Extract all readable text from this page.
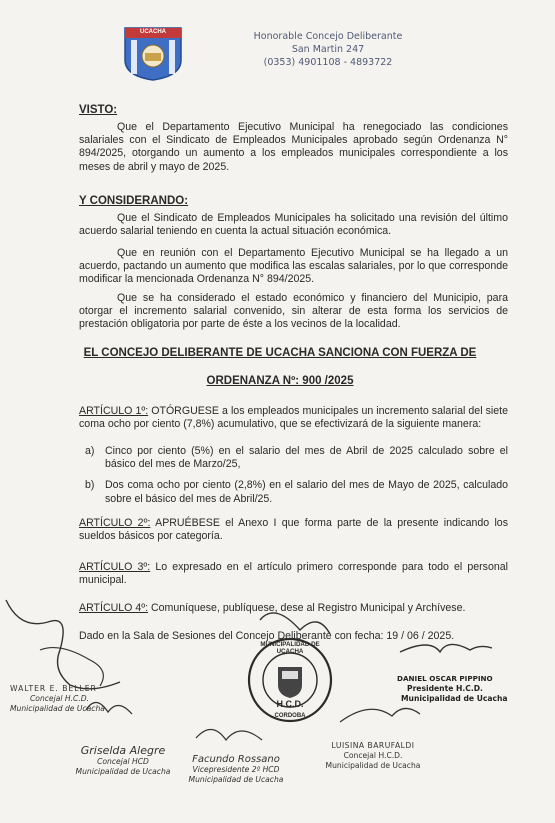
UCACHA	Honorable Concejo Deliberante
San Martin 247
(0353) 4901108 - 4893722
VISTO:
Que el Departamento Ejecutivo Municipal ha renegociado las condiciones salariales con el Sindicato de Empleados Municipales aprobado según Ordenanza N° 894/2025, otorgando un aumento a los empleados municipales correspondiente a los meses de abril y mayo de 2025.
Y CONSIDERANDO:
Que el Sindicato de Empleados Municipales ha solicitado una revisión del último acuerdo salarial teniendo en cuenta la actual situación económica.
Que en reunión con el Departamento Ejecutivo Municipal se ha llegado a un acuerdo, pactando un aumento que modifica las escalas salariales, por lo que corresponde modificar la mencionada Ordenanza N° 894/2025.
Que se ha considerado el estado económico y financiero del Municipio, para otorgar el incremento salarial convenido, sin alterar de esta forma los servicios de prestación obligatoria por parte de éste a los vecinos de la localidad.
EL CONCEJO DELIBERANTE DE UCACHA SANCIONA CON FUERZA DE
ORDENANZA Nº: 900 /2025
ARTÍCULO 1º: OTÓRGUESE a los empleados municipales un incremento salarial del siete coma ocho por ciento (7,8%) acumulativo, que se efectivizará de la siguiente manera:
a) Cinco por ciento (5%) en el salario del mes de Abril de 2025 calculado sobre el básico del mes de Marzo/25,
b) Dos coma ocho por ciento (2,8%) en el salario del mes de Mayo de 2025, calculado sobre el básico del mes de Abril/25.
ARTÍCULO 2º: APRUÉBESE el Anexo I que forma parte de la presente indicando los sueldos básicos por categoría.
ARTÍCULO 3º: Lo expresado en el artículo primero corresponde para todo el personal municipal.
ARTÍCULO 4º: Comuníquese, publíquese, dese al Registro Municipal y Archívese.
Dado en la Sala de Sesiones del Concejo Deliberante con fecha: 19 / 06 / 2025.
MUNICIPALIDAD DE UCACHA
H.C.D.
CORDOBA
WALTER E. BELLER
Concejal H.C.D.
Municipalidad de Ucacha
DANIEL OSCAR PIPPINO
Presidente H.C.D.
Municipalidad de Ucacha
Griselda Alegre
Concejal HCD
Municipalidad de Ucacha
Facundo Rossano
Vicepresidente 2º HCD
Municipalidad de Ucacha
LUISINA BARUFALDI
Concejal H.C.D.
Municipalidad de Ucacha
